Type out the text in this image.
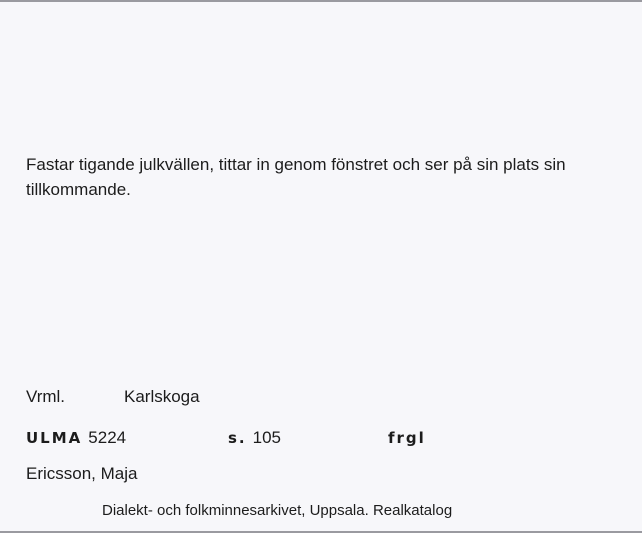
Fastar tigande julkvällen, tittar in genom fönstret och ser på sin plats sin tillkommande.
Vrml.	Karlskoga
ULMA 5224	s. 105	frgl
Ericsson, Maja
Dialekt- och folkminnesarkivet, Uppsala. Realkatalog
